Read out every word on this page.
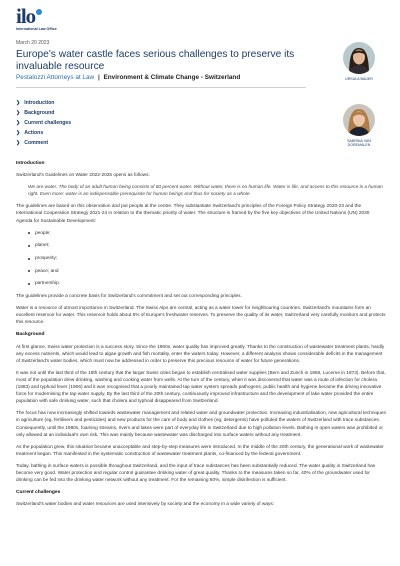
ilo
International Law Office
March 20 2023
Europe's water castle faces serious challenges to preserve its invaluable resource
Pestalozzi Attorneys at Law | Environment & Climate Change - Switzerland
❯ Introduction
❯ Background
❯ Current challenges
❯ Actions
❯ Comment
URSULA BAUER
SABRINA VAN DOREMALEN
Introduction

Switzerland's Guidelines on Water 2022-2025 opens as follows:

We are water. The body of an adult human being consists of 60 percent water. Without water, there is no human life. Water is life, and access to this resource is a human right. Even more: water is an indispensable prerequisite for human beings and thus for society as a whole.

The guidelines are based on this observation and put people at the centre. They substantiate Switzerland's principles of the Foreign Policy Strategy 2020-23 and the International Cooperation Strategy 2021-24 in relation to the thematic priority of water. The structure is framed by the five key objectives of the United Nations (UN) 2030 Agenda for Sustainable Development:

people;
planet;
prosperity;
peace; and
partnership.

The guidelines provide a concrete basis for Switzerland's commitment and set out corresponding principles.

Water is a resource of utmost importance in Switzerland. The Swiss Alps are central, acting as a water tower for neighbouring countries. Switzerland's mountains form an excellent reservoir for water. This reservoir holds about 6% of Europe's freshwater reserves. To preserve the quality of its water, Switzerland very carefully monitors and protects this resource.

Background

At first glance, Swiss water protection is a success story. Since the 1960s, water quality has improved greatly. Thanks to the construction of wastewater treatment plants, hardly any excess nutrients, which would lead to algae growth and fish mortality, enter the waters today. However, a different analysis shows considerable deficits in the management of Switzerland's water bodies, which must now be addressed in order to preserve this precious resource of water for future generations.

It was not until the last third of the 19th century that the larger Swiss cities began to establish centralised water supplies (Bern and Zurich in 1868, Lucerne in 1873). Before that, most of the population drew drinking, washing and cooking water from wells. At the turn of the century, when it was discovered that water was a route of infection for cholera (1883) and typhoid fever (1906) and it was recognised that a poorly maintained tap water system spreads pathogens, public health and hygiene became the driving innovative force for modernising the tap water supply. By the last third of the 20th century, continuously improved infrastructure and the development of lake water provided the entire population with safe drinking water, such that cholera and typhoid disappeared from Switzerland.

The focus has now increasingly shifted towards wastewater management and related water and groundwater protection. Increasing industrialisation, new agricultural techniques in agriculture (eg, fertilisers and pesticides) and new products for the care of body and clothes (eg, detergents) have polluted the waters of Switzerland with trace substances. Consequently, until the 1980s, foaming streams, rivers and lakes were part of everyday life in Switzerland due to high pollution levels. Bathing in open waters was prohibited or only allowed at an individual's own risk. This was mainly because wastewater was discharged into surface waters without any treatment.

As the population grew, this situation became unacceptable and step-by-step measures were introduced. In the middle of the 20th century, the generational work of wastewater treatment began. This manifested in the systematic construction of wastewater treatment plants, co-financed by the federal government.

Today, bathing in surface waters is possible throughout Switzerland, and the input of trace substances has been substantially reduced. The water quality in Switzerland has become very good. Water protection and regular control guarantee drinking water of great quality. Thanks to the measures taken so far, 40% of the groundwater used for drinking can be fed into the drinking water network without any treatment. For the remaining 60%, simple disinfection is sufficient.

Current challenges

Switzerland's water bodies and water resources are used intensively by society and the economy in a wide variety of ways:
